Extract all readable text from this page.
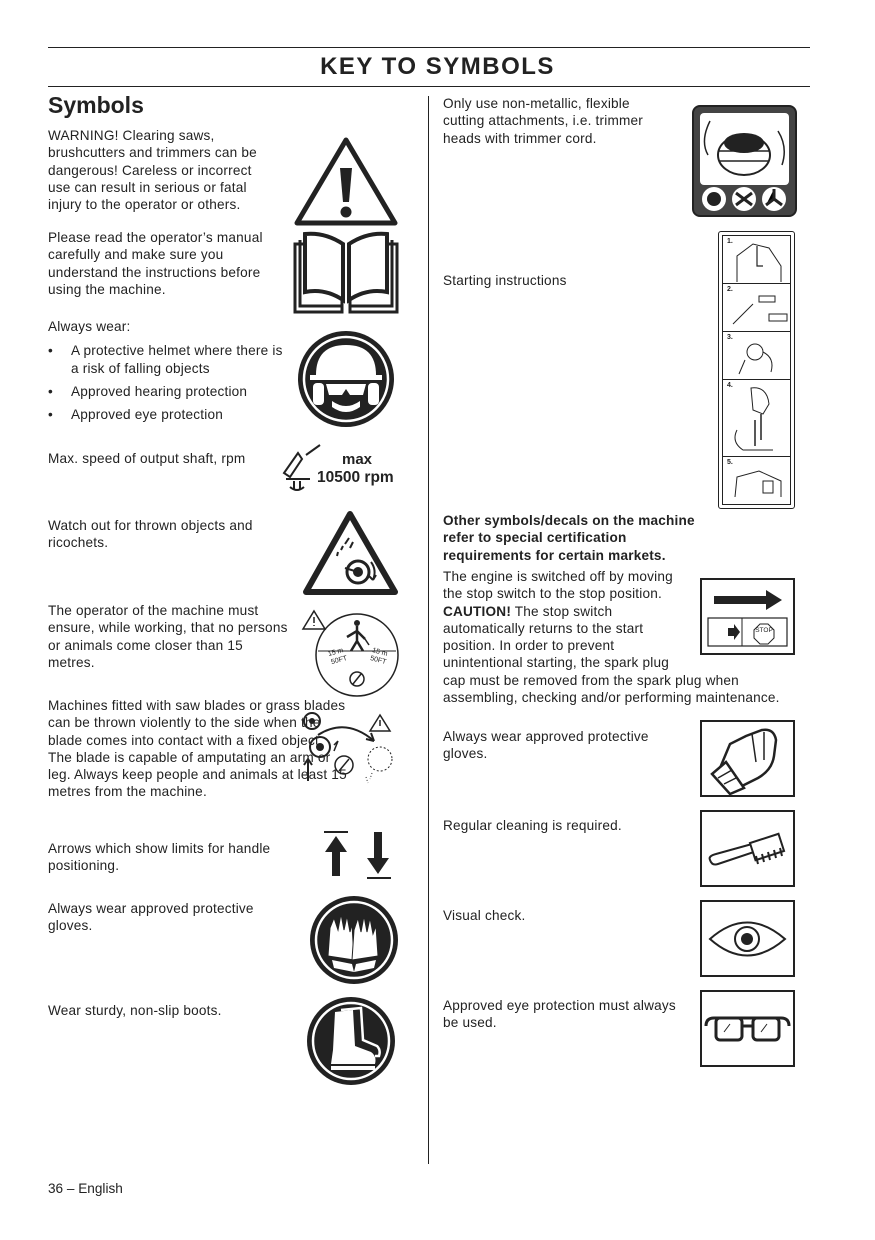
KEY TO SYMBOLS
Symbols
WARNING! Clearing saws, brushcutters and trimmers can be dangerous! Careless or incorrect use can result in serious or fatal injury to the operator or others.
Please read the operator’s manual carefully and make sure you understand the instructions before using the machine.

Always wear:

• A protective helmet where there is a risk of falling objects
• Approved hearing protection
• Approved eye protection
Max. speed of output shaft, rpm	max
10500 rpm
Watch out for thrown objects and ricochets.
The operator of the machine must ensure, while working, that no persons or animals come closer than 15 metres.
15 m
50FT
15 m
50FT
Machines fitted with saw blades or grass blades can be thrown violently to the side when the blade comes into contact with a fixed object. The blade is capable of amputating an arm or leg. Always keep people and animals at least 15 metres from the machine.
Arrows which show limits for handle positioning.
Always wear approved protective gloves.
Wear sturdy, non-slip boots.
Only use non-metallic, flexible cutting attachments, i.e. trimmer heads with trimmer cord.
Starting instructions
1.
2.
3.
4.
5.
Other symbols/decals on the machine refer to special certification requirements for certain markets.
The engine is switched off by moving the stop switch to the stop position. CAUTION! The stop switch automatically returns to the start position. In order to prevent unintentional starting, the spark plug cap must be removed from the spark plug when assembling, checking and/or performing maintenance.
STOP
Always wear approved protective gloves.
Regular cleaning is required.
Visual check.
Approved eye protection must always be used.
36 – English
